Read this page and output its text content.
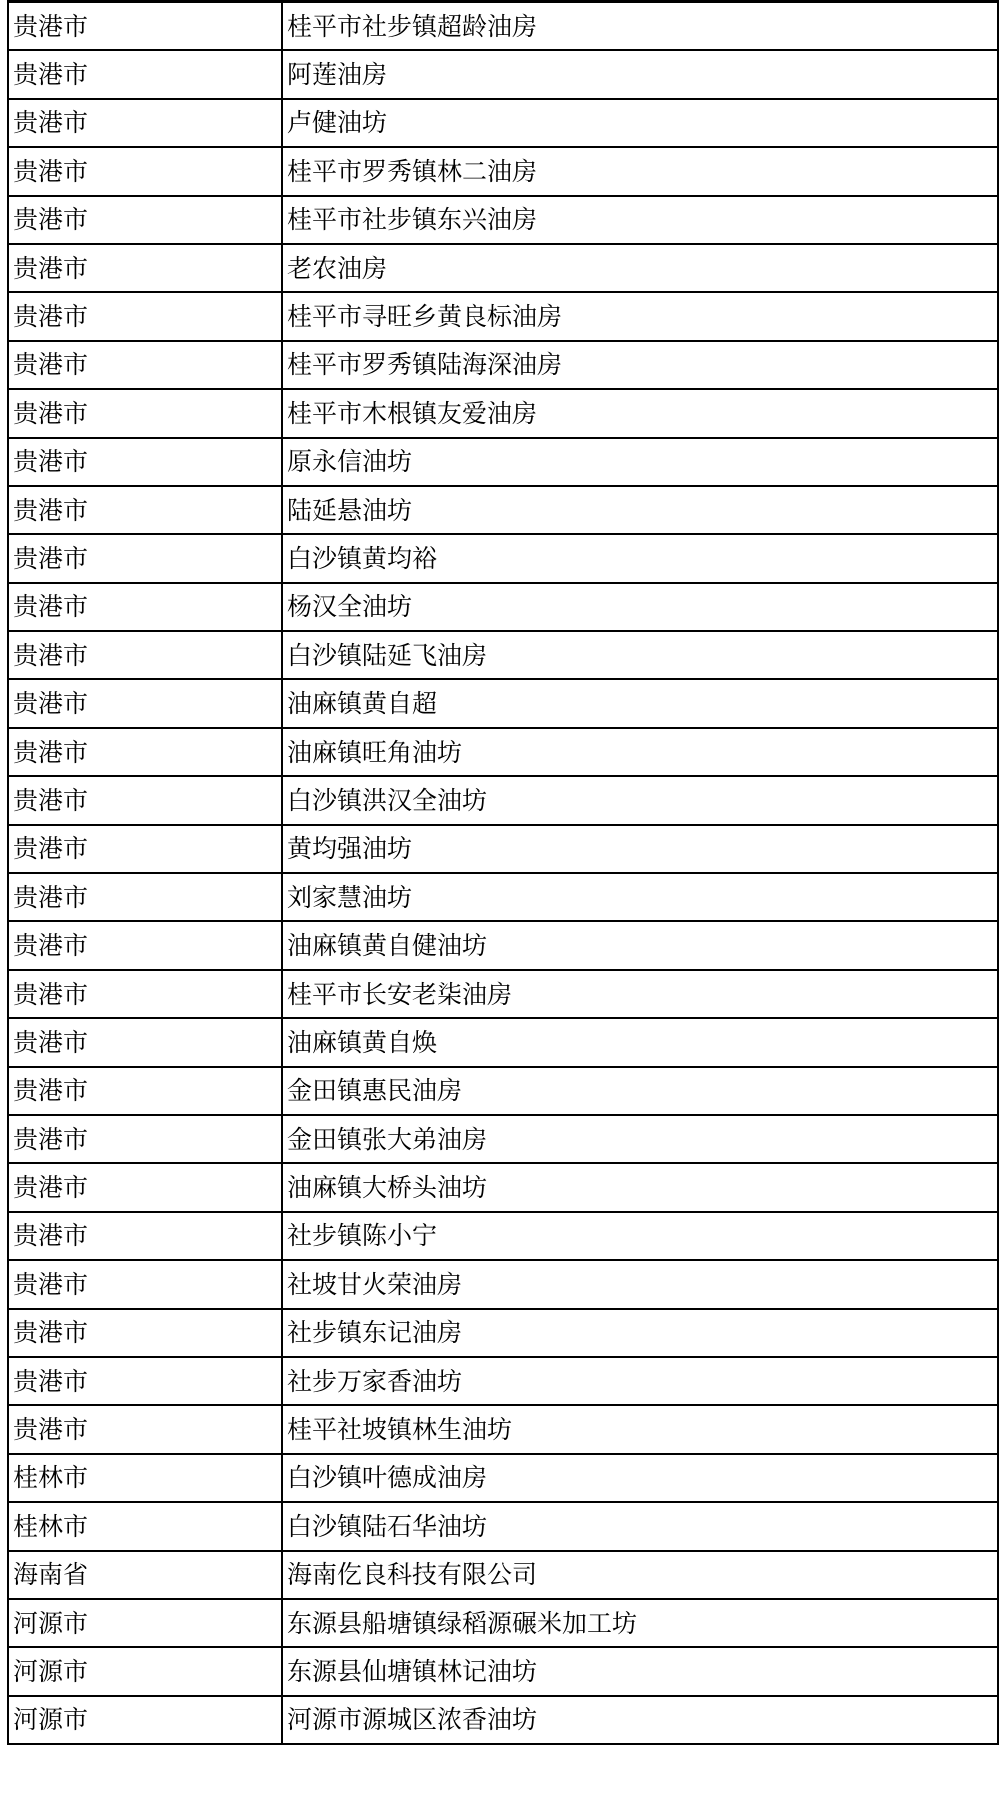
贵港市	桂平市社步镇超龄油房
贵港市	阿莲油房
贵港市	卢健油坊
贵港市	桂平市罗秀镇林二油房
贵港市	桂平市社步镇东兴油房
贵港市	老农油房
贵港市	桂平市寻旺乡黄良标油房
贵港市	桂平市罗秀镇陆海深油房
贵港市	桂平市木根镇友爱油房
贵港市	原永信油坊
贵港市	陆延悬油坊
贵港市	白沙镇黄均裕
贵港市	杨汉全油坊
贵港市	白沙镇陆延飞油房
贵港市	油麻镇黄自超
贵港市	油麻镇旺角油坊
贵港市	白沙镇洪汉全油坊
贵港市	黄均强油坊
贵港市	刘家慧油坊
贵港市	油麻镇黄自健油坊
贵港市	桂平市长安老柒油房
贵港市	油麻镇黄自焕
贵港市	金田镇惠民油房
贵港市	金田镇张大弟油房
贵港市	油麻镇大桥头油坊
贵港市	社步镇陈小宁
贵港市	社坡甘火荣油房
贵港市	社步镇东记油房
贵港市	社步万家香油坊
贵港市	桂平社坡镇林生油坊
桂林市	白沙镇叶德成油房
桂林市	白沙镇陆石华油坊
海南省	海南仡良科技有限公司
河源市	东源县船塘镇绿稻源碾米加工坊
河源市	东源县仙塘镇林记油坊
河源市	河源市源城区浓香油坊
